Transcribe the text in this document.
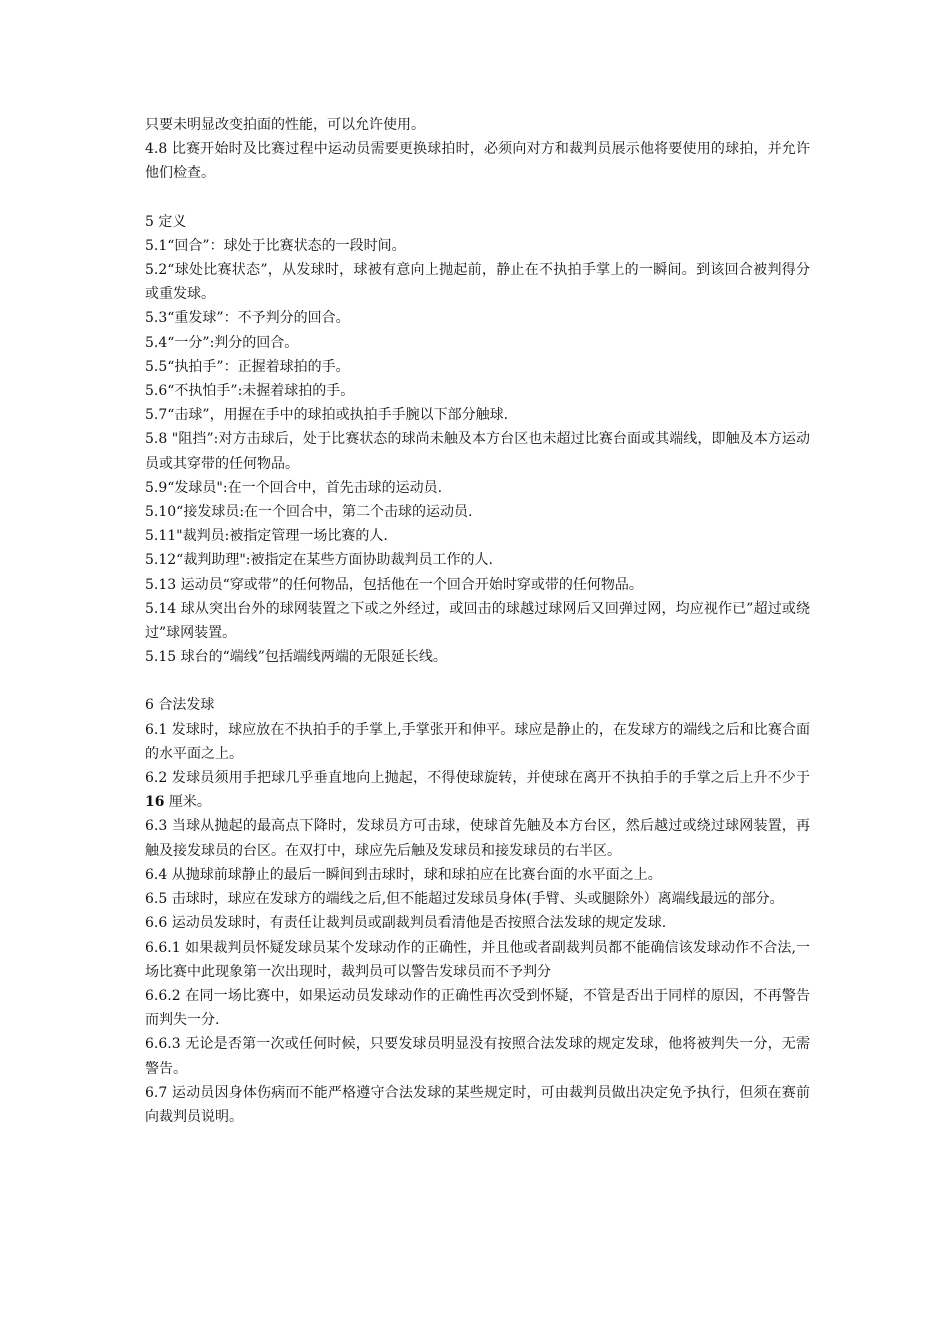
只要未明显改变拍面的性能，可以允许使用。

4.8 比赛开始时及比赛过程中运动员需要更换球拍时，必须向对方和裁判员展示他将要使用的球拍，并允许他们检查。

5 定义

5.1“回合”：球处于比赛状态的一段时间。

5.2“球处比赛状态”，从发球时，球被有意向上抛起前，静止在不执拍手掌上的一瞬间。到该回合被判得分或重发球。

5.3“重发球”：不予判分的回合。

5.4“一分”:判分的回合。

5.5“执拍手”：正握着球拍的手。

5.6“不执怕手”:未握着球拍的手。

5.7“击球”，用握在手中的球拍或执拍手手腕以下部分触球.

5.8 "阻挡”:对方击球后，处于比赛状态的球尚未触及本方台区也未超过比赛台面或其端线，即触及本方运动员或其穿带的任何物品。

5.9“发球员":在一个回合中，首先击球的运动员.

5.10“接发球员:在一个回合中，第二个击球的运动员.

5.11"裁判员:被指定管理一场比赛的人.

5.12“裁判助理":被指定在某些方面协助裁判员工作的人.

5.13 运动员“穿或带”的任何物品，包括他在一个回合开始时穿或带的任何物品。

5.14 球从突出台外的球网装置之下或之外经过，或回击的球越过球网后又回弹过网，均应视作已”超过或绕过”球网装置。

5.15 球台的“端线”包括端线两端的无限延长线。

6 合法发球

6.1 发球时，球应放在不执拍手的手掌上,手掌张开和伸平。球应是静止的，在发球方的端线之后和比赛合面的水平面之上。

6.2 发球员须用手把球几乎垂直地向上抛起，不得使球旋转，并使球在离开不执拍手的手掌之后上升不少于 16 厘米。

6.3 当球从抛起的最高点下降时，发球员方可击球，使球首先触及本方台区，然后越过或绕过球网装置，再触及接发球员的台区。在双打中，球应先后触及发球员和接发球员的右半区。

6.4 从抛球前球静止的最后一瞬间到击球时，球和球拍应在比赛台面的水平面之上。

6.5 击球时，球应在发球方的端线之后,但不能超过发球员身体(手臂、头或腿除外）离端线最远的部分。

6.6 运动员发球时，有责任让裁判员或副裁判员看清他是否按照合法发球的规定发球.

6.6.1 如果裁判员怀疑发球员某个发球动作的正确性，并且他或者副裁判员都不能确信该发球动作不合法,一场比赛中此现象第一次出现时，裁判员可以警告发球员而不予判分

6.6.2 在同一场比赛中，如果运动员发球动作的正确性再次受到怀疑，不管是否出于同样的原因，不再警告而判失一分.

6.6.3 无论是否第一次或任何时候，只要发球员明显没有按照合法发球的规定发球，他将被判失一分，无需警告。

6.7 运动员因身体伤病而不能严格遵守合法发球的某些规定时，可由裁判员做出决定免予执行，但须在赛前向裁判员说明。
